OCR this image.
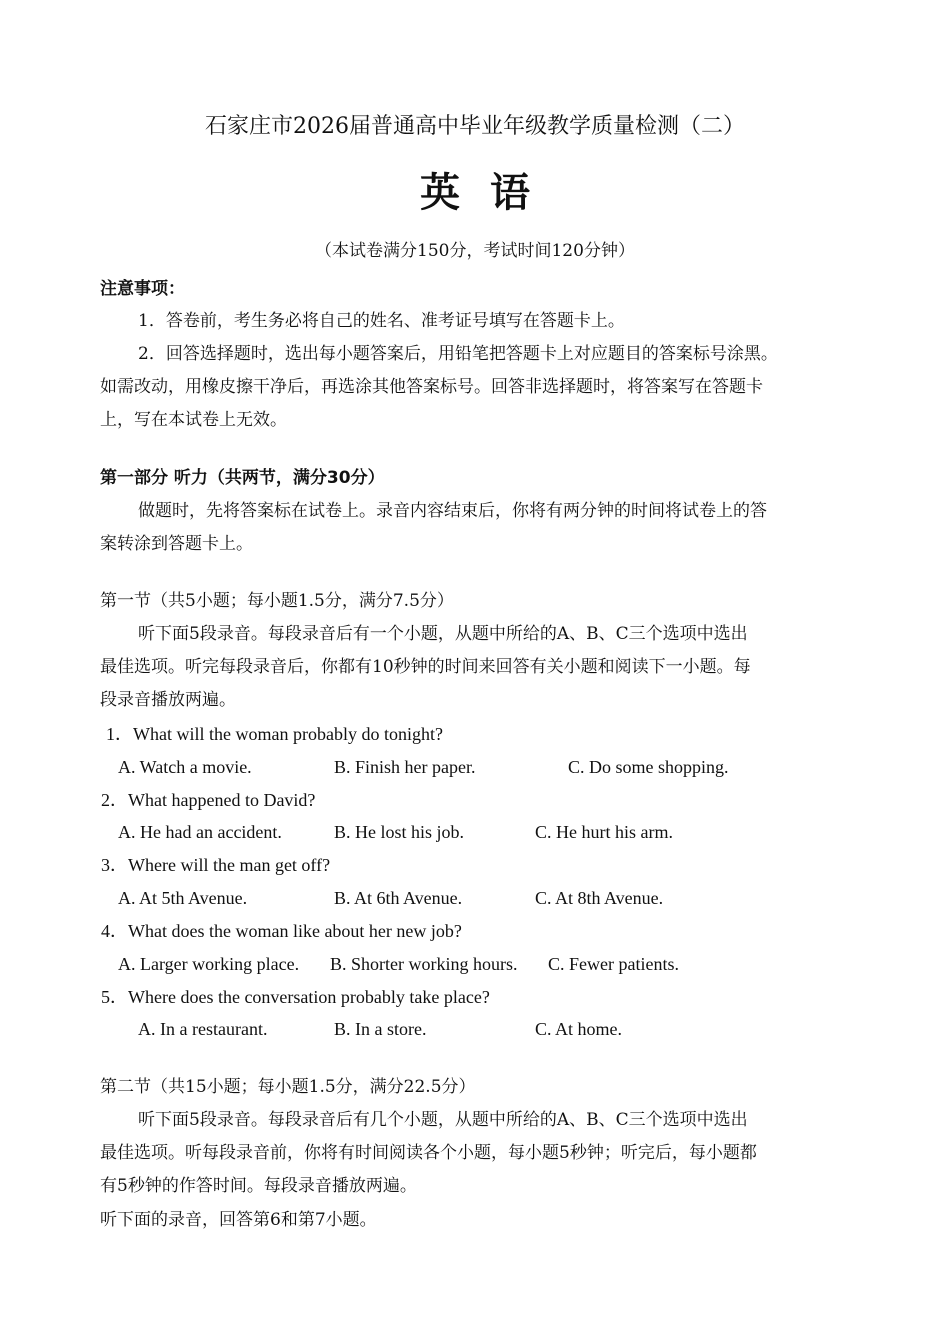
石家庄市2026届普通高中毕业年级教学质量检测（二）
英语
（本试卷满分150分，考试时间120分钟）
注意事项：
1．答卷前，考生务必将自己的姓名、准考证号填写在答题卡上。
2．回答选择题时，选出每小题答案后，用铅笔把答题卡上对应题目的答案标号涂黑。
如需改动，用橡皮擦干净后，再选涂其他答案标号。回答非选择题时，将答案写在答题卡
上，写在本试卷上无效。
第一部分 听力（共两节，满分30分）
做题时，先将答案标在试卷上。录音内容结束后，你将有两分钟的时间将试卷上的答
案转涂到答题卡上。
第一节（共5小题；每小题1.5分，满分7.5分）
听下面5段录音。每段录音后有一个小题，从题中所给的A、B、C三个选项中选出
最佳选项。听完每段录音后，你都有10秒钟的时间来回答有关小题和阅读下一小题。每
段录音播放两遍。
1．What will the woman probably do tonight?
A. Watch a movie.	B. Finish her paper.	C. Do some shopping.
2．What happened to David?
A. He had an accident.	B. He lost his job.	C. He hurt his arm.
3．Where will the man get off?
A. At 5th Avenue.	B. At 6th Avenue.	C. At 8th Avenue.
4．What does the woman like about her new job?
A. Larger working place. B. Shorter working hours. C. Fewer patients.
5．Where does the conversation probably take place?
A. In a restaurant.	B. In a store.	C. At home.
第二节（共15小题；每小题1.5分，满分22.5分）
听下面5段录音。每段录音后有几个小题，从题中所给的A、B、C三个选项中选出
最佳选项。听每段录音前，你将有时间阅读各个小题，每小题5秒钟；听完后，每小题都
有5秒钟的作答时间。每段录音播放两遍。
听下面的录音，回答第6和第7小题。
